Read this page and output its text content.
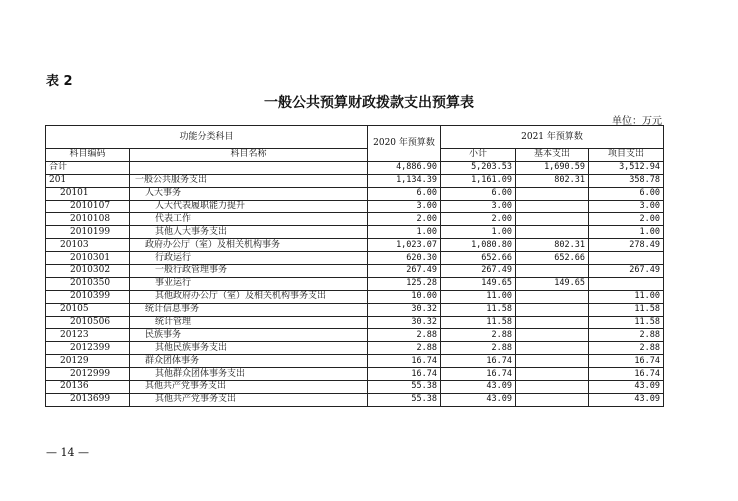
表 2
一般公共预算财政拨款支出预算表
单位：万元
功能分类科目		2020 年预算数	2021 年预算数		
科目编码	科目名称		小计	基本支出	项目支出
合计		4,886.90	5,203.53	1,690.59	3,512.94
201	一般公共服务支出	1,134.39	1,161.09	802.31	358.78
20101	人大事务	6.00	6.00		6.00
2010107	人大代表履职能力提升	3.00	3.00		3.00
2010108	代表工作	2.00	2.00		2.00
2010199	其他人大事务支出	1.00	1.00		1.00
20103	政府办公厅（室）及相关机构事务	1,023.07	1,080.80	802.31	278.49
2010301	行政运行	620.30	652.66	652.66	
2010302	一般行政管理事务	267.49	267.49		267.49
2010350	事业运行	125.28	149.65	149.65	
2010399	其他政府办公厅（室）及相关机构事务支出	10.00	11.00		11.00
20105	统计信息事务	30.32	11.58		11.58
2010506	统计管理	30.32	11.58		11.58
20123	民族事务	2.88	2.88		2.88
2012399	其他民族事务支出	2.88	2.88		2.88
20129	群众团体事务	16.74	16.74		16.74
2012999	其他群众团体事务支出	16.74	16.74		16.74
20136	其他共产党事务支出	55.38	43.09		43.09
2013699	其他共产党事务支出	55.38	43.09		43.09
— 14 —
